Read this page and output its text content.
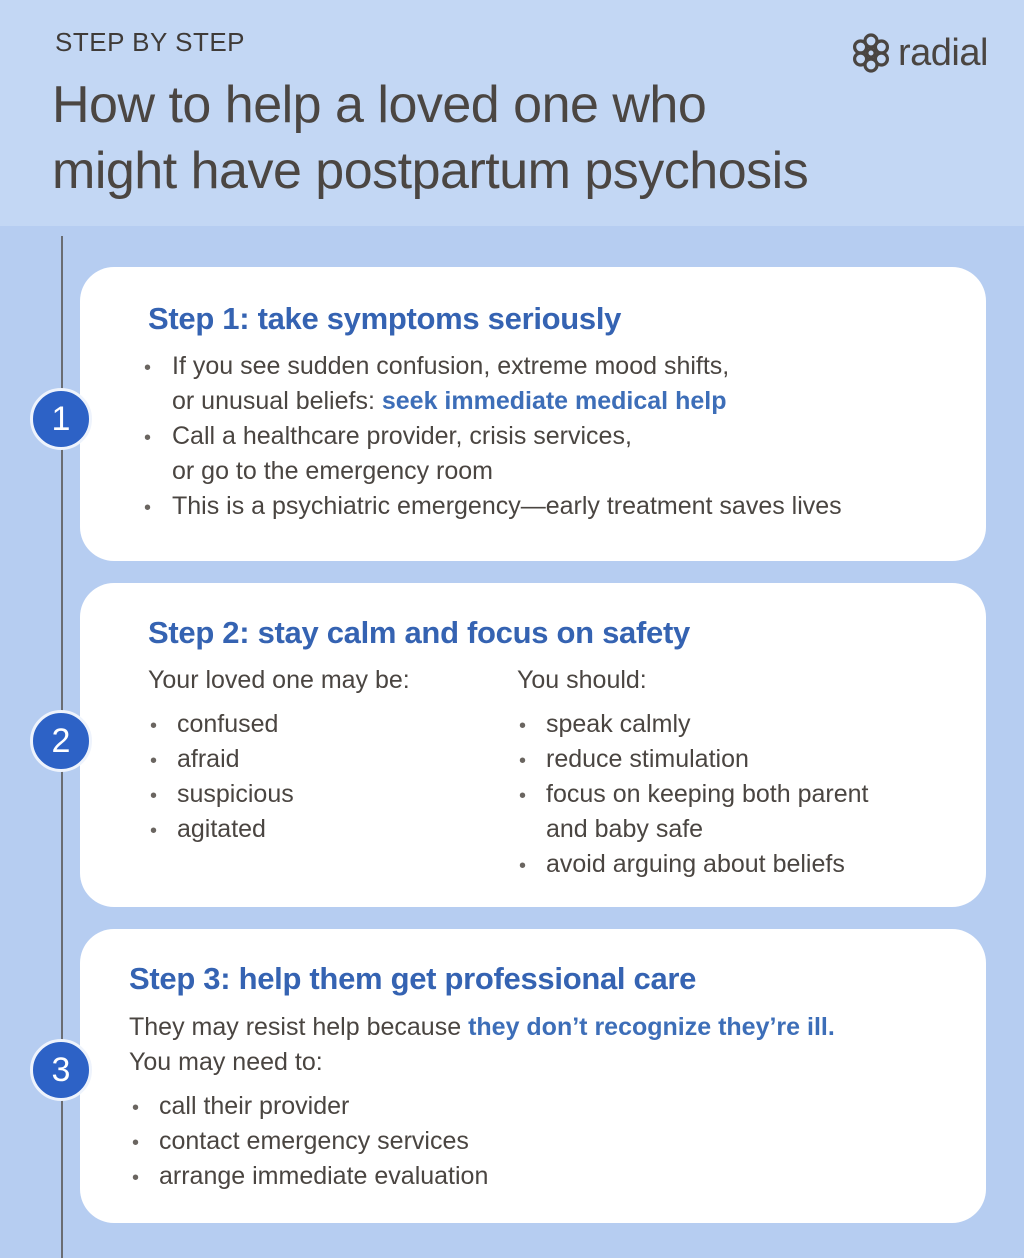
STEP BY STEP
How to help a loved one who
might have postpartum psychosis
radial
Step 1: take symptoms seriously
• If you see sudden confusion, extreme mood shifts,
or unusual beliefs: seek immediate medical help
• Call a healthcare provider, crisis services,
or go to the emergency room
• This is a psychiatric emergency—early treatment saves lives
1
Step 2: stay calm and focus on safety
Your loved one may be:
• confused
• afraid
• suspicious
• agitated
You should:
• speak calmly
• reduce stimulation
• focus on keeping both parent
and baby safe
• avoid arguing about beliefs
2
Step 3: help them get professional care
They may resist help because they don’t recognize they’re ill.
You may need to:
• call their provider
• contact emergency services
• arrange immediate evaluation
3
